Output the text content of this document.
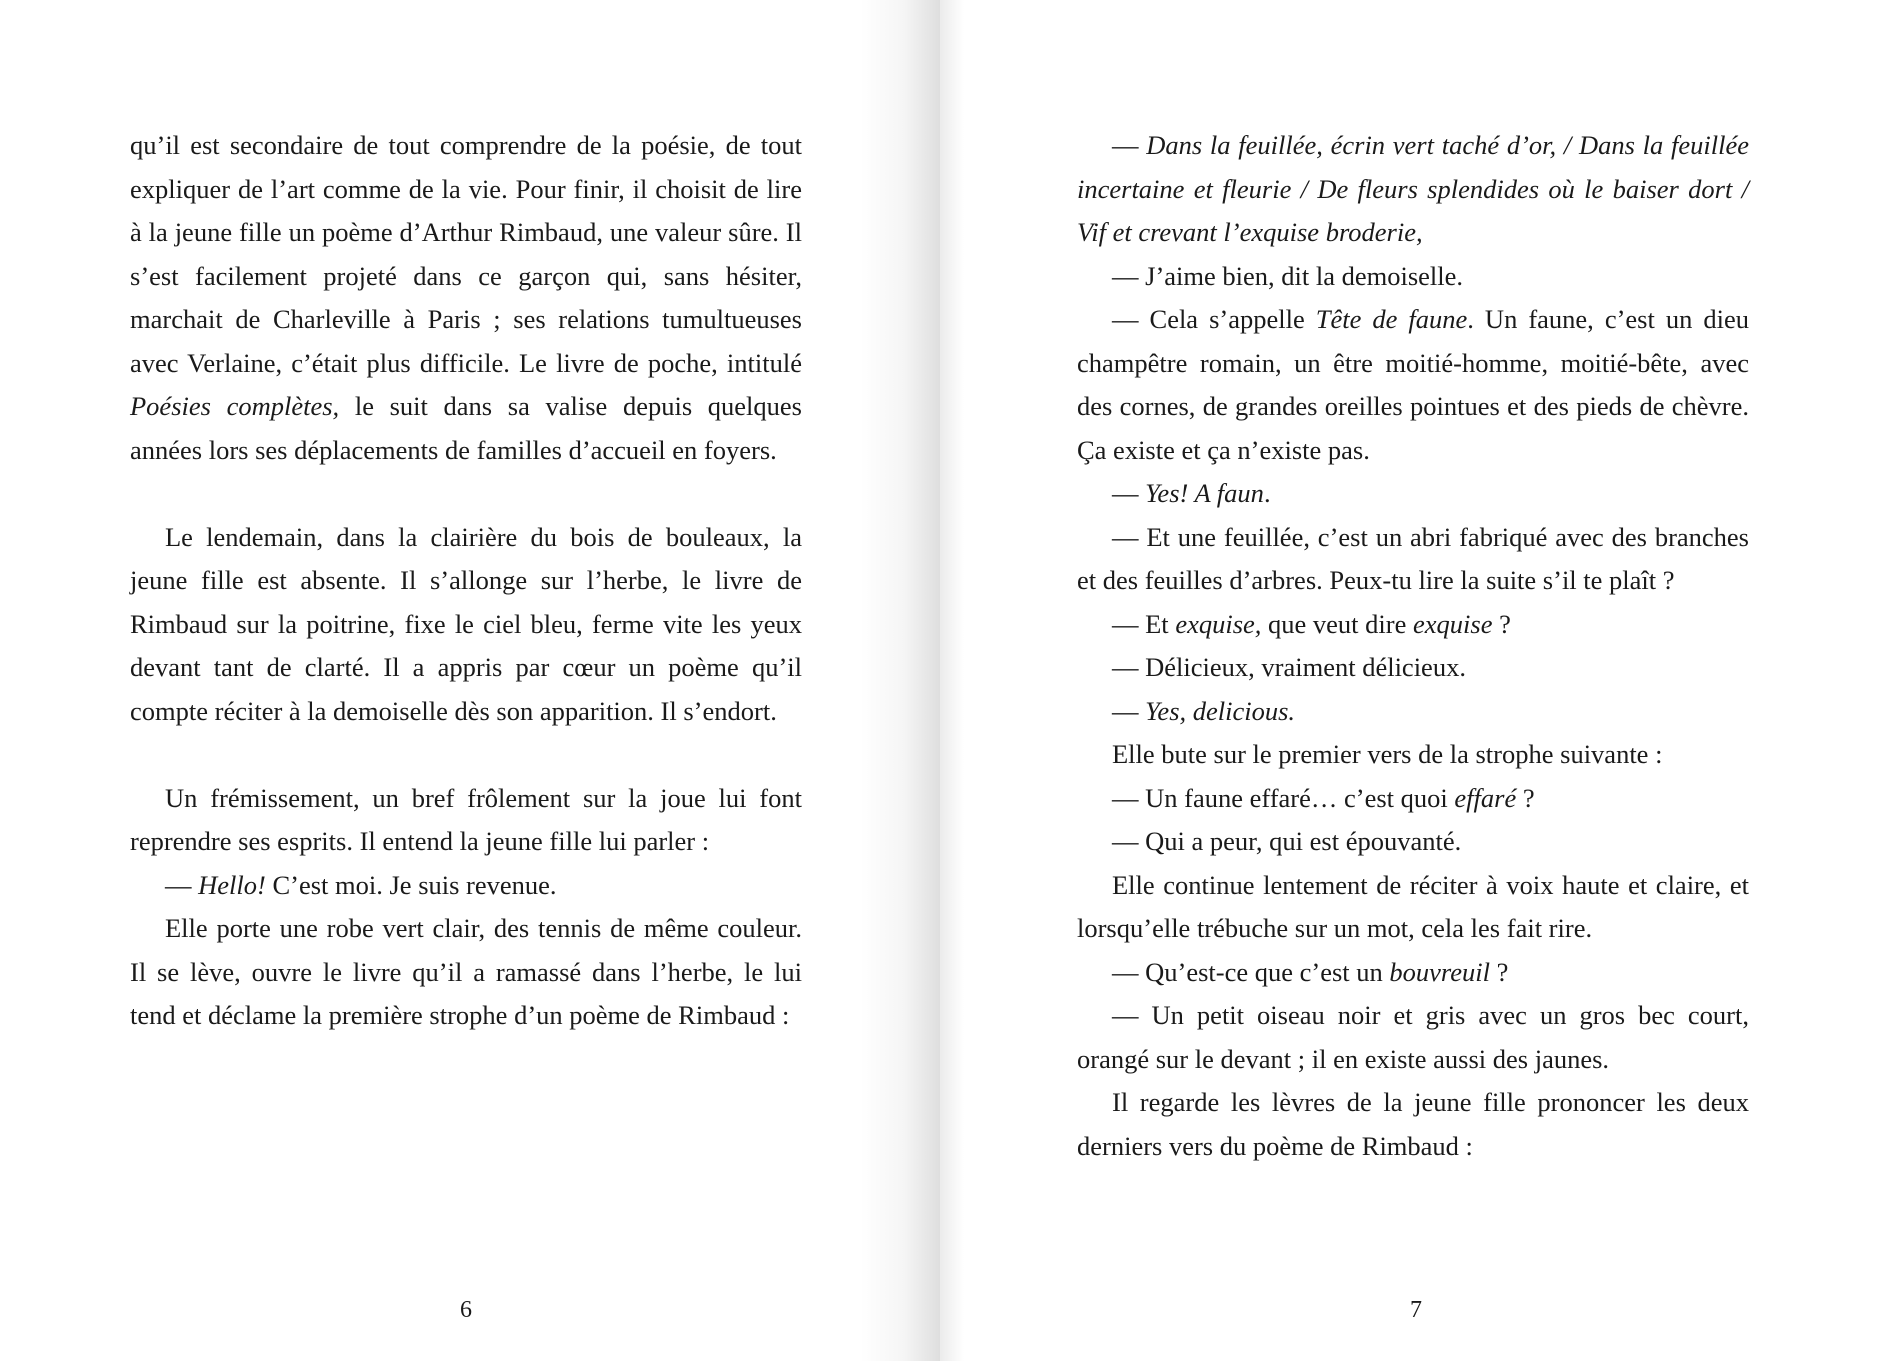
qu’il est secondaire de tout comprendre de la poésie, de tout expliquer de l’art comme de la vie. Pour finir, il choisit de lire à la jeune fille un poème d’Arthur Rimbaud, une valeur sûre. Il s’est facilement projeté dans ce garçon qui, sans hésiter, marchait de Charleville à Paris ; ses relations tumultueuses avec Verlaine, c’était plus difficile. Le livre de poche, intitulé Poésies complètes, le suit dans sa valise depuis quelques années lors ses déplacements de familles d’accueil en foyers.

Le lendemain, dans la clairière du bois de bouleaux, la jeune fille est absente. Il s’allonge sur l’herbe, le livre de Rimbaud sur la poitrine, fixe le ciel bleu, ferme vite les yeux devant tant de clarté. Il a appris par cœur un poème qu’il compte réciter à la demoiselle dès son apparition. Il s’endort.

Un frémissement, un bref frôlement sur la joue lui font reprendre ses esprits. Il entend la jeune fille lui parler :

— Hello! C’est moi. Je suis revenue.

Elle porte une robe vert clair, des tennis de même couleur. Il se lève, ouvre le livre qu’il a ramassé dans l’herbe, le lui tend et déclame la première strophe d’un poème de Rimbaud :

6

— Dans la feuillée, écrin vert taché d’or, / Dans la feuillée incertaine et fleurie / De fleurs splendides où le baiser dort / Vif et crevant l’exquise broderie,

— J’aime bien, dit la demoiselle.

— Cela s’appelle Tête de faune. Un faune, c’est un dieu champêtre romain, un être moitié-homme, moitié-bête, avec des cornes, de grandes oreilles pointues et des pieds de chèvre. Ça existe et ça n’existe pas.

— Yes! A faun.

— Et une feuillée, c’est un abri fabriqué avec des branches et des feuilles d’arbres. Peux-tu lire la suite s’il te plaît ?

— Et exquise, que veut dire exquise ?

— Délicieux, vraiment délicieux.

— Yes, delicious.

Elle bute sur le premier vers de la strophe suivante :

— Un faune effaré… c’est quoi effaré ?

— Qui a peur, qui est épouvanté.

Elle continue lentement de réciter à voix haute et claire, et lorsqu’elle trébuche sur un mot, cela les fait rire.

— Qu’est-ce que c’est un bouvreuil ?

— Un petit oiseau noir et gris avec un gros bec court, orangé sur le devant ; il en existe aussi des jaunes.

Il regarde les lèvres de la jeune fille prononcer les deux derniers vers du poème de Rimbaud :

7
